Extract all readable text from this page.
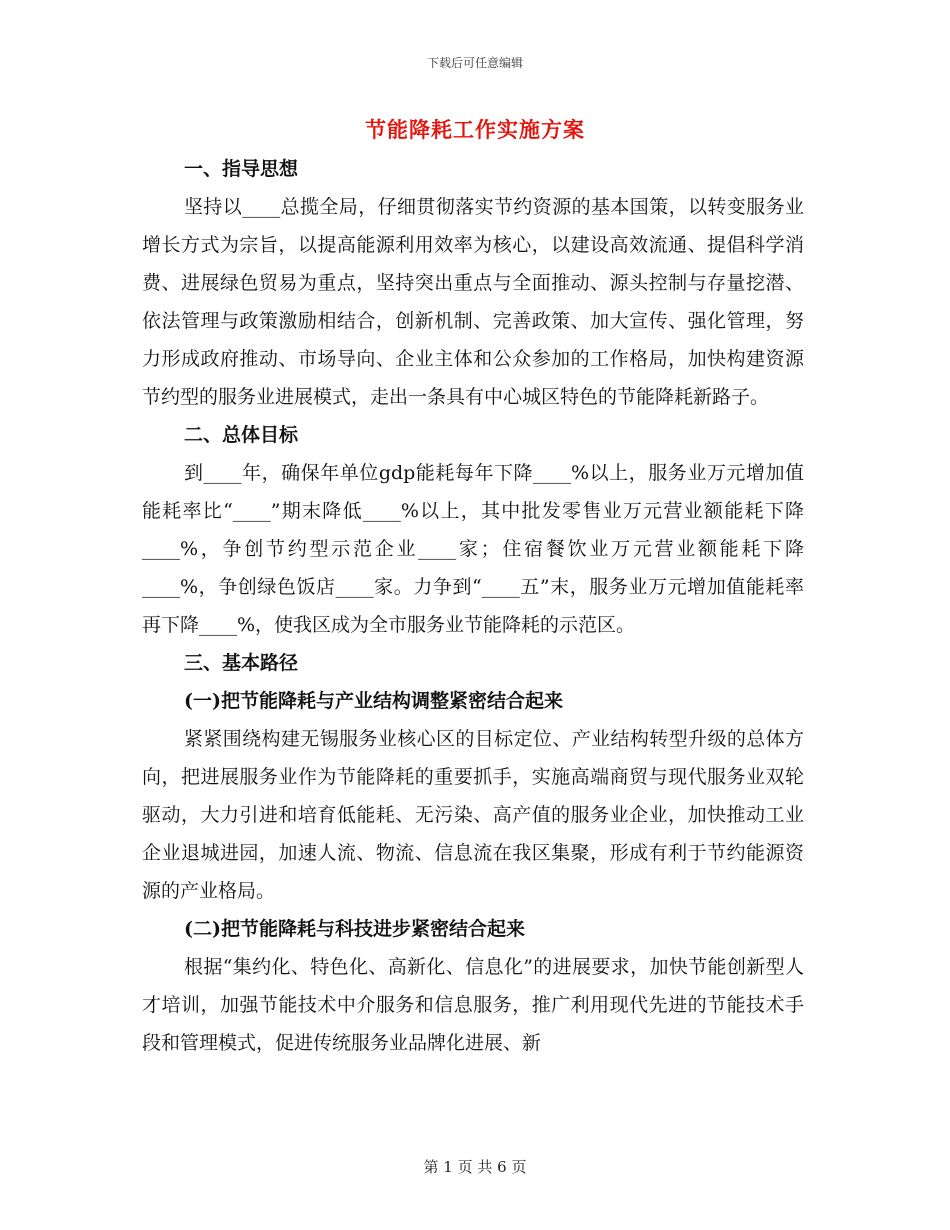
下载后可任意编辑
节能降耗工作实施方案

一、指导思想

坚持以____总揽全局，仔细贯彻落实节约资源的基本国策，以转变服务业增长方式为宗旨，以提高能源利用效率为核心，以建设高效流通、提倡科学消费、进展绿色贸易为重点，坚持突出重点与全面推动、源头控制与存量挖潜、依法管理与政策激励相结合，创新机制、完善政策、加大宣传、强化管理，努力形成政府推动、市场导向、企业主体和公众参加的工作格局，加快构建资源节约型的服务业进展模式，走出一条具有中心城区特色的节能降耗新路子。

二、总体目标

到____年，确保年单位gdp能耗每年下降____%以上，服务业万元增加值能耗率比“____”期末降低____%以上，其中批发零售业万元营业额能耗下降____%，争创节约型示范企业____家；住宿餐饮业万元营业额能耗下降____%，争创绿色饭店____家。力争到“____五”末，服务业万元增加值能耗率再下降____%，使我区成为全市服务业节能降耗的示范区。

三、基本路径

(一)把节能降耗与产业结构调整紧密结合起来

紧紧围绕构建无锡服务业核心区的目标定位、产业结构转型升级的总体方向，把进展服务业作为节能降耗的重要抓手，实施高端商贸与现代服务业双轮驱动，大力引进和培育低能耗、无污染、高产值的服务业企业，加快推动工业企业退城进园，加速人流、物流、信息流在我区集聚，形成有利于节约能源资源的产业格局。

(二)把节能降耗与科技进步紧密结合起来

根据“集约化、特色化、高新化、信息化”的进展要求，加快节能创新型人才培训，加强节能技术中介服务和信息服务，推广利用现代先进的节能技术手段和管理模式，促进传统服务业品牌化进展、新

第 1 页 共 6 页
